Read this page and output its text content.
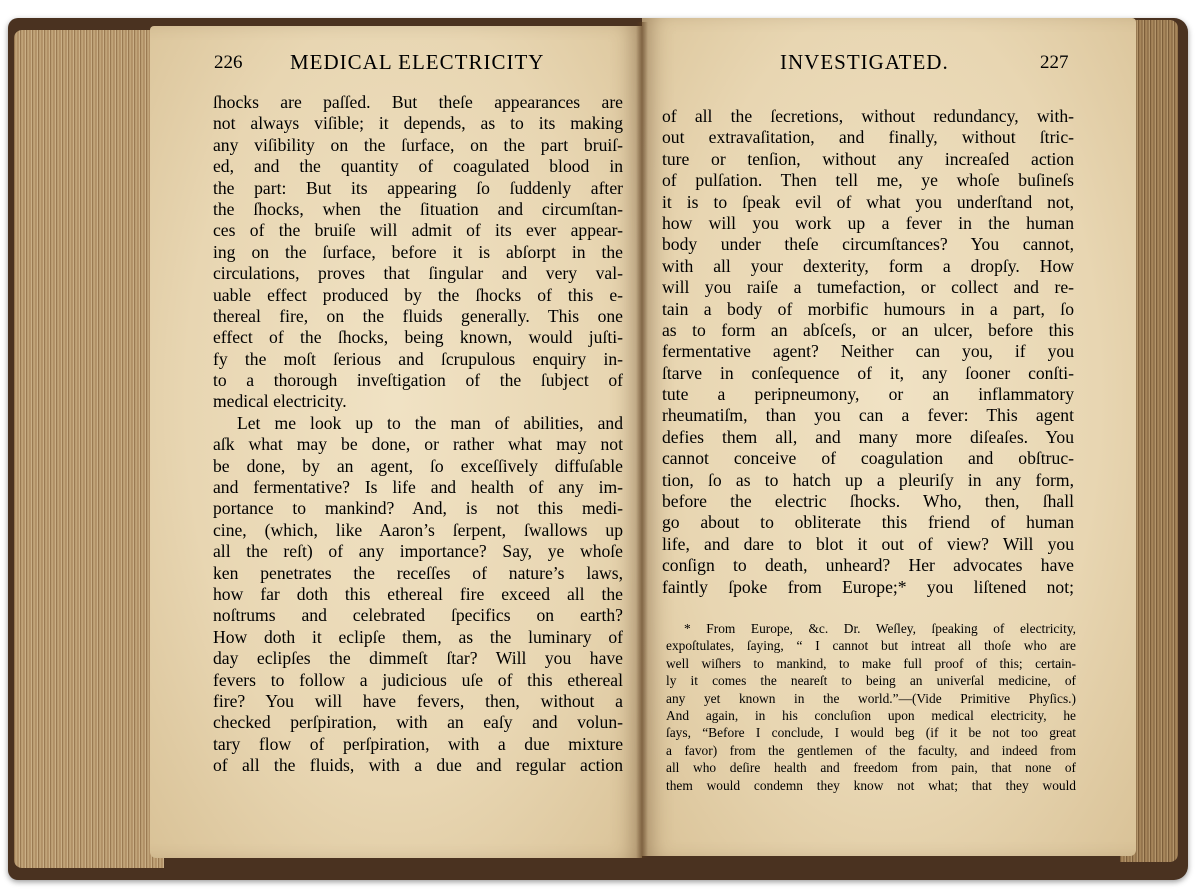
226 MEDICAL ELECTRICITY	INVESTIGATED.	227
ſhocks are paſſed. But theſe appearances are
not always viſible; it depends, as to its making
any viſibility on the ſurface, on the part bruiſ-
ed, and the quantity of coagulated blood in
the part: But its appearing ſo ſuddenly after
the ſhocks, when the ſituation and circumſtan-
ces of the bruiſe will admit of its ever appear-
ing on the ſurface, before it is abſorpt in the
circulations, proves that ſingular and very val-
uable effect produced by the ſhocks of this e-
thereal fire, on the fluids generally. This one
effect of the ſhocks, being known, would juſti-
fy the moſt ſerious and ſcrupulous enquiry in-
to a thorough inveſtigation of the ſubject of
medical electricity.
Let me look up to the man of abilities, and
aſk what may be done, or rather what may not
be done, by an agent, ſo exceſſively diffuſable
and fermentative? Is life and health of any im-
portance to mankind? And, is not this medi-
cine, (which, like Aaron’s ſerpent, ſwallows up
all the reſt) of any importance? Say, ye whoſe
ken penetrates the receſſes of nature’s laws,
how far doth this ethereal fire exceed all the
noſtrums and celebrated ſpecifics on earth?
How doth it eclipſe them, as the luminary of
day eclipſes the dimmeſt ſtar? Will you have
fevers to follow a judicious uſe of this ethereal
fire? You will have fevers, then, without a
checked perſpiration, with an eaſy and volun-
tary flow of perſpiration, with a due mixture
of all the fluids, with a due and regular action
of all the ſecretions, without redundancy, with-
out extravaſitation, and finally, without ſtric-
ture or tenſion, without any increaſed action
of pulſation. Then tell me, ye whoſe buſineſs
it is to ſpeak evil of what you underſtand not,
how will you work up a fever in the human
body under theſe circumſtances? You cannot,
with all your dexterity, form a dropſy. How
will you raiſe a tumefaction, or collect and re-
tain a body of morbific humours in a part, ſo
as to form an abſceſs, or an ulcer, before this
fermentative agent? Neither can you, if you
ſtarve in conſequence of it, any ſooner conſti-
tute a peripneumony, or an inflammatory
rheumatiſm, than you can a fever: This agent
defies them all, and many more diſeaſes. You
cannot conceive of coagulation and obſtruc-
tion, ſo as to hatch up a pleuriſy in any form,
before the electric ſhocks. Who, then, ſhall
go about to obliterate this friend of human
life, and dare to blot it out of view? Will you
conſign to death, unheard? Her advocates have
faintly ſpoke from Europe;* you liſtened not;
* From Europe, &c. Dr. Weſley, ſpeaking of electricity,
expoſtulates, ſaying, “ I cannot but intreat all thoſe who are
well wiſhers to mankind, to make full proof of this; certain-
ly it comes the neareſt to being an univerſal medicine, of
any yet known in the world.”—(Vide Primitive Phyſics.)
And again, in his concluſion upon medical electricity, he
ſays, “Before I conclude, I would beg (if it be not too great
a favor) from the gentlemen of the faculty, and indeed from
all who deſire health and freedom from pain, that none of
them would condemn they know not what; that they would
